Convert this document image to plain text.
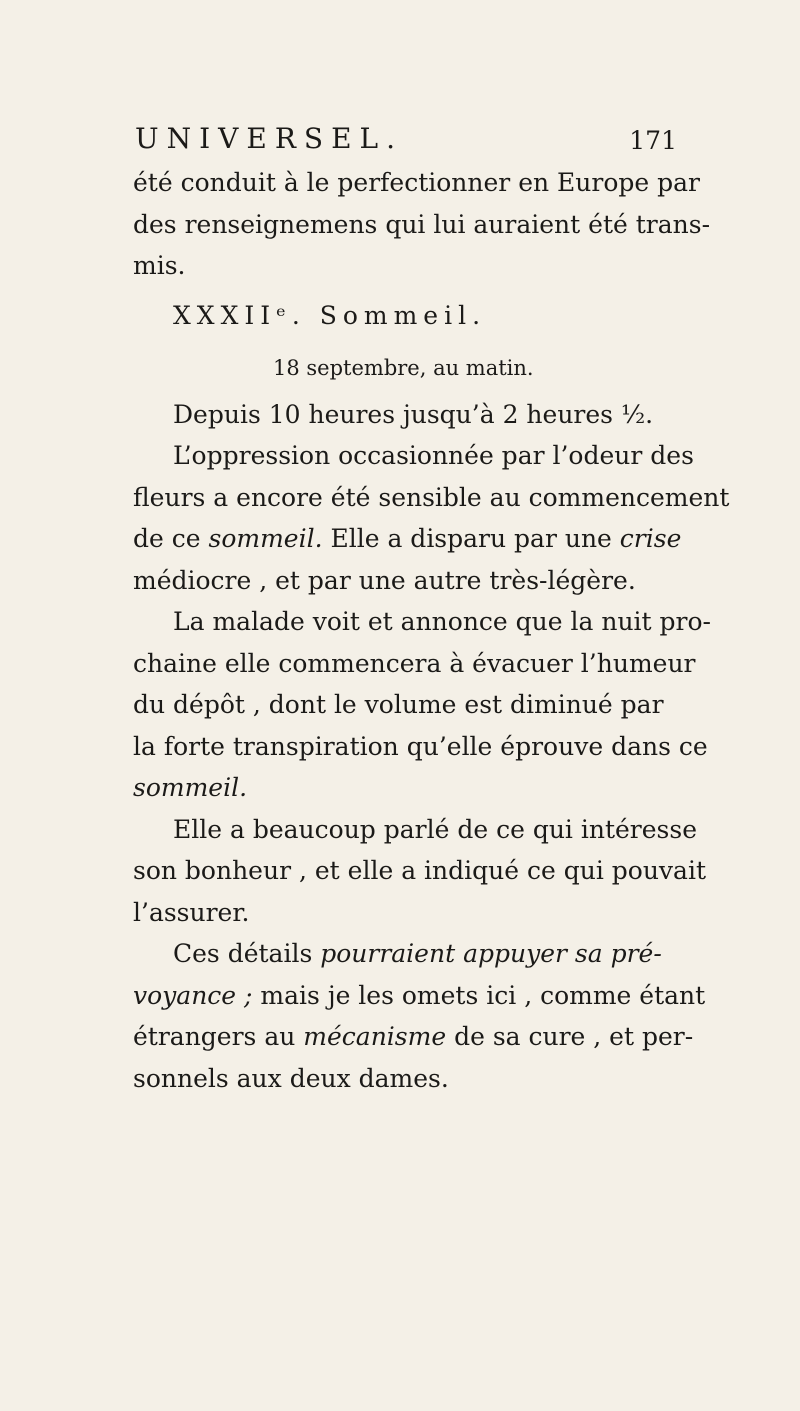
UNIVERSEL.	171
été conduit à le perfectionner en Europe par
des renseignemens qui lui auraient été trans-
mis.
XXXIIᵉ. Sommeil.
18 septembre, au matin.
Depuis 10 heures jusqu’à 2 heures ½.
L’oppression occasionnée par l’odeur des
fleurs a encore été sensible au commencement
de ce sommeil. Elle a disparu par une crise
médiocre , et par une autre très-légère.
La malade voit et annonce que la nuit pro-
chaine elle commencera à évacuer l’humeur
du dépôt , dont le volume est diminué par
la forte transpiration qu’elle éprouve dans ce
sommeil.
Elle a beaucoup parlé de ce qui intéresse
son bonheur , et elle a indiqué ce qui pouvait
l’assurer.
Ces détails pourraient appuyer sa pré-
voyance ; mais je les omets ici , comme étant
étrangers au mécanisme de sa cure , et per-
sonnels aux deux dames.
